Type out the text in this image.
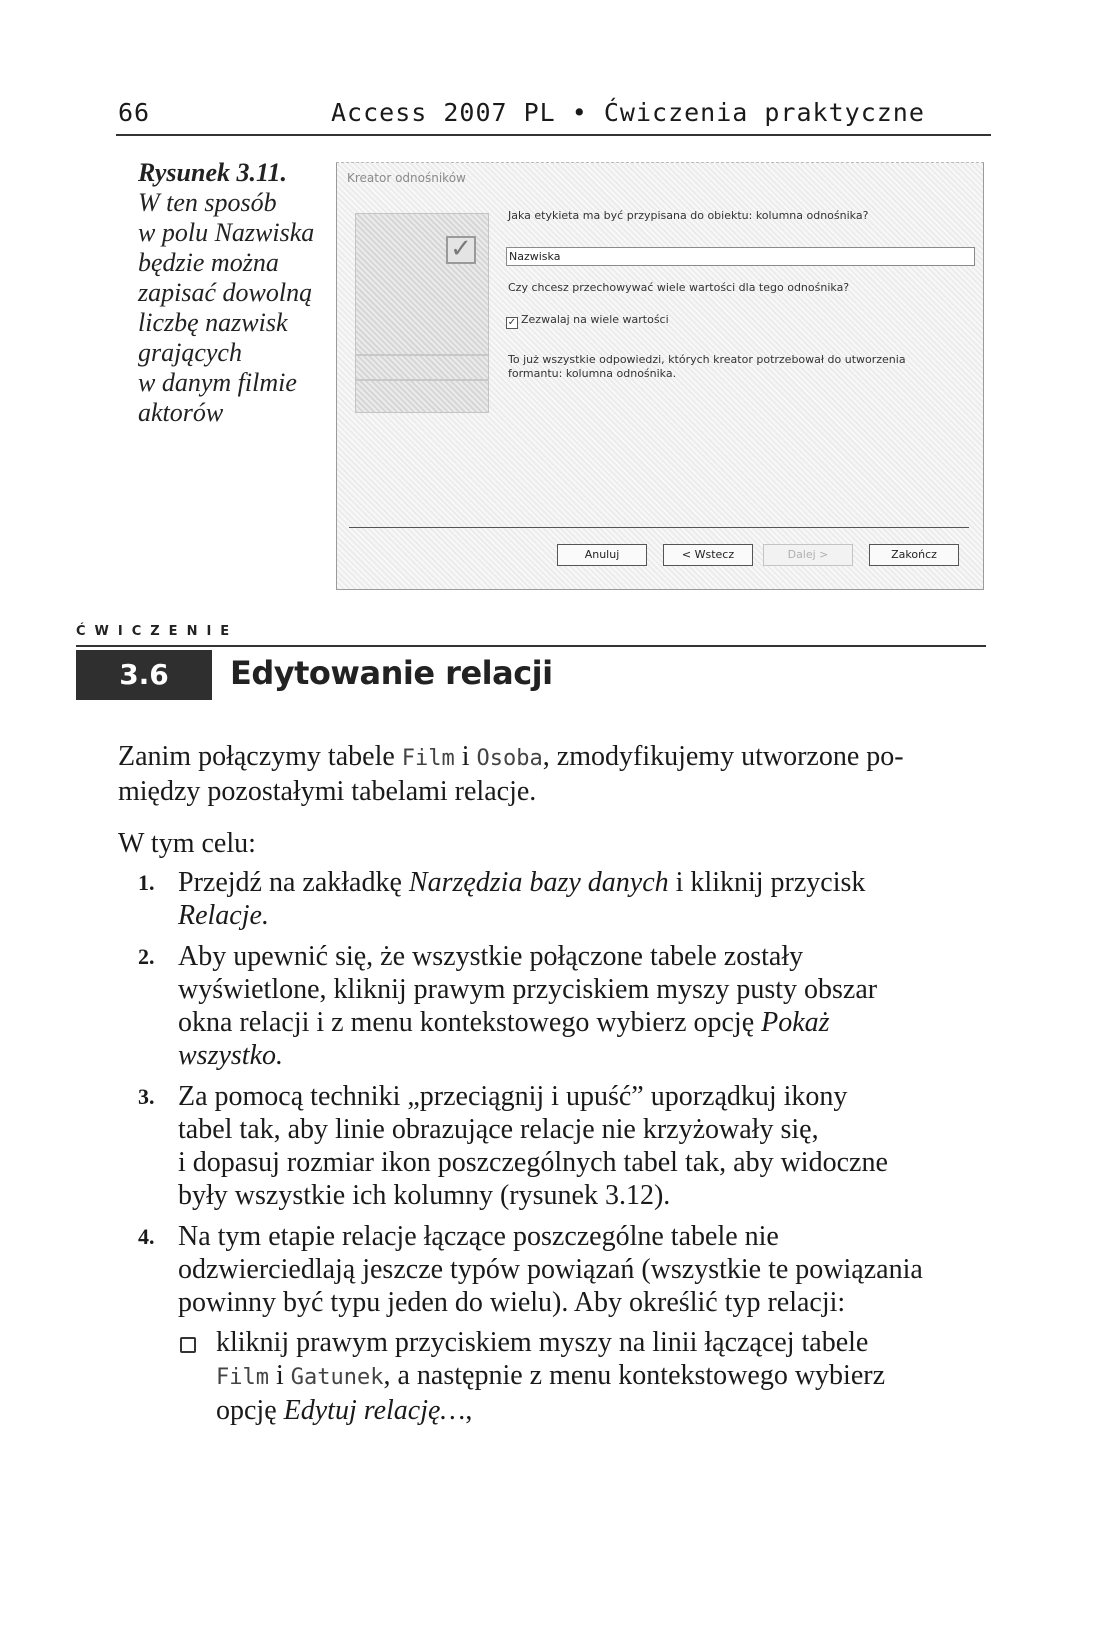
66	Access 2007 PL • Ćwiczenia praktyczne
Rysunek 3.11.
W ten sposób
w polu Nazwiska
będzie można
zapisać dowolną
liczbę nazwisk
grających
w danym filmie
aktorów
Kreator odnośników
✓
Jaka etykieta ma być przypisana do obiektu: kolumna odnośnika?
Nazwiska
Czy chcesz przechowywać wiele wartości dla tego odnośnika?
✓ Zezwalaj na wiele wartości
To już wszystkie odpowiedzi, których kreator potrzebował do utworzenia formantu: kolumna odnośnika.
Anuluj	< Wstecz	Dalej >	Zakończ
ĆWICZENIE
3.6	Edytowanie relacji
Zanim połączymy tabele Film i Osoba, zmodyfikujemy utworzone po-
między pozostałymi tabelami relacje.
W tym celu:
1. Przejdź na zakładkę Narzędzia bazy danych i kliknij przycisk
Relacje.
2. Aby upewnić się, że wszystkie połączone tabele zostały
wyświetlone, kliknij prawym przyciskiem myszy pusty obszar
okna relacji i z menu kontekstowego wybierz opcję Pokaż
wszystko.
3. Za pomocą techniki „przeciągnij i upuść” uporządkuj ikony
tabel tak, aby linie obrazujące relacje nie krzyżowały się,
i dopasuj rozmiar ikon poszczególnych tabel tak, aby widoczne
były wszystkie ich kolumny (rysunek 3.12).
4. Na tym etapie relacje łączące poszczególne tabele nie
odzwierciedlają jeszcze typów powiązań (wszystkie te powiązania
powinny być typu jeden do wielu). Aby określić typ relacji:
kliknij prawym przyciskiem myszy na linii łączącej tabele
Film i Gatunek, a następnie z menu kontekstowego wybierz
opcję Edytuj relację…,
